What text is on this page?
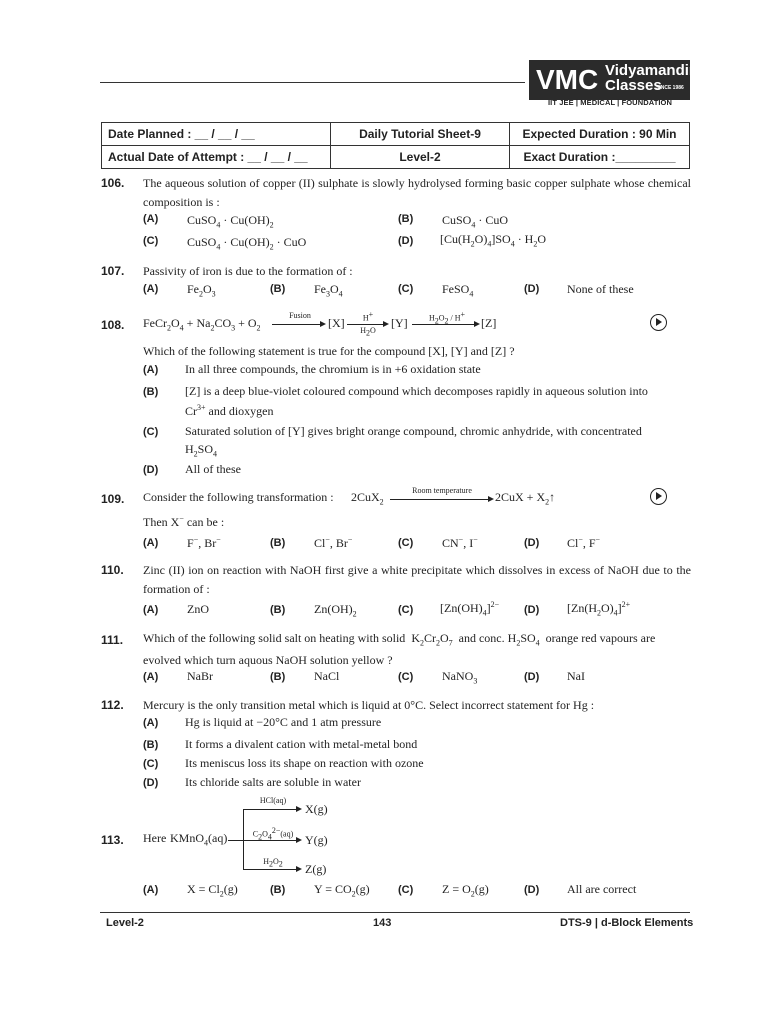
VMC Vidyamandir
Classes
SINCE 1986
IIT JEE | MEDICAL | FOUNDATION
Date Planned : __ / __ / __	Daily Tutorial Sheet-9	Expected Duration : 90 Min
Actual Date of Attempt : __ / __ / __	Level-2	Exact Duration :_________
106. The aqueous solution of copper (II) sulphate is slowly hydrolysed forming basic copper sulphate whose chemical composition is :
(A) CuSO$_4$ · $Cu(OH)_2$	(B) CuSO$_4$ · CuO
(C) CuSO$_4$ · $Cu(OH)_2$ · CuO	(D) $[Cu(H_2O)_4]SO_4 \cdot H_2O$
107. Passivity of iron is due to the formation of :
(A) $Fe_2O_3$	(B) $Fe_3O_4$	(C) FeSO$_4$	(D) None of these
108. $FeCr_2O_4 + Na_2CO_3 + O_2$
Fusion
[X]	H+
$H_2O$
[Y]	$H_2O_2 / H^+$
[Z]
Which of the following statement is true for the compound [X], [Y] and [Z] ?
(A) In all three compounds, the chromium is in +6 oxidation state
(B) [Z] is a deep blue-violet coloured compound which decomposes rapidly in aqueous solution into
$Cr^{3+}$ and dioxygen
(C) Saturated solution of [Y] gives bright orange compound, chromic anhydride, with concentrated
$H_2SO_4$
(D) All of these
109. Consider the following transformation : 2CuX$_2$
Room temperature	$2CuX + X_2↑$
Then X− can be :
(A) F−, Br−	(B) Cl−, Br−	(C) CN−, I−	(D) Cl−, F−
110. Zinc (II) ion on reaction with NaOH first give a white precipitate which dissolves in excess of NaOH due to the formation of :
(A) ZnO	(B) $Zn(OH)_2$	(C) $[Zn(OH)_4]^{2-}$ (D) $[Zn(H_2O)_4]^{2+}$
111. Which of the following solid salt on heating with solid  $K_2Cr_2O_7$ and conc. $H_2SO_4$ orange red vapours are
evolved which turn aquous NaOH solution yellow ?
(A) NaBr	(B) NaCl	(C) NaNO$_3$	(D) NaI
112. Mercury is the only transition metal which is liquid at 0°C. Select incorrect statement for Hg :
(A) Hg is liquid at −20°C and 1 atm pressure
(B) It forms a divalent cation with metal-metal bond
(C) Its meniscus loss its shape on reaction with ozone
(D) Its chloride salts are soluble in water
113. Here KMnO$_4$(aq)
HCl(aq)
$C_2O_4^{2-}(aq)$
$H_2O_2$
X(g)
Y(g)
Z(g)
(A) $X = Cl_2(g)$	(B) $Y = CO_2(g)$	(C) $Z = O_2(g)$	(D) All are correct
Level-2	143	DTS-9 | d-Block Elements
